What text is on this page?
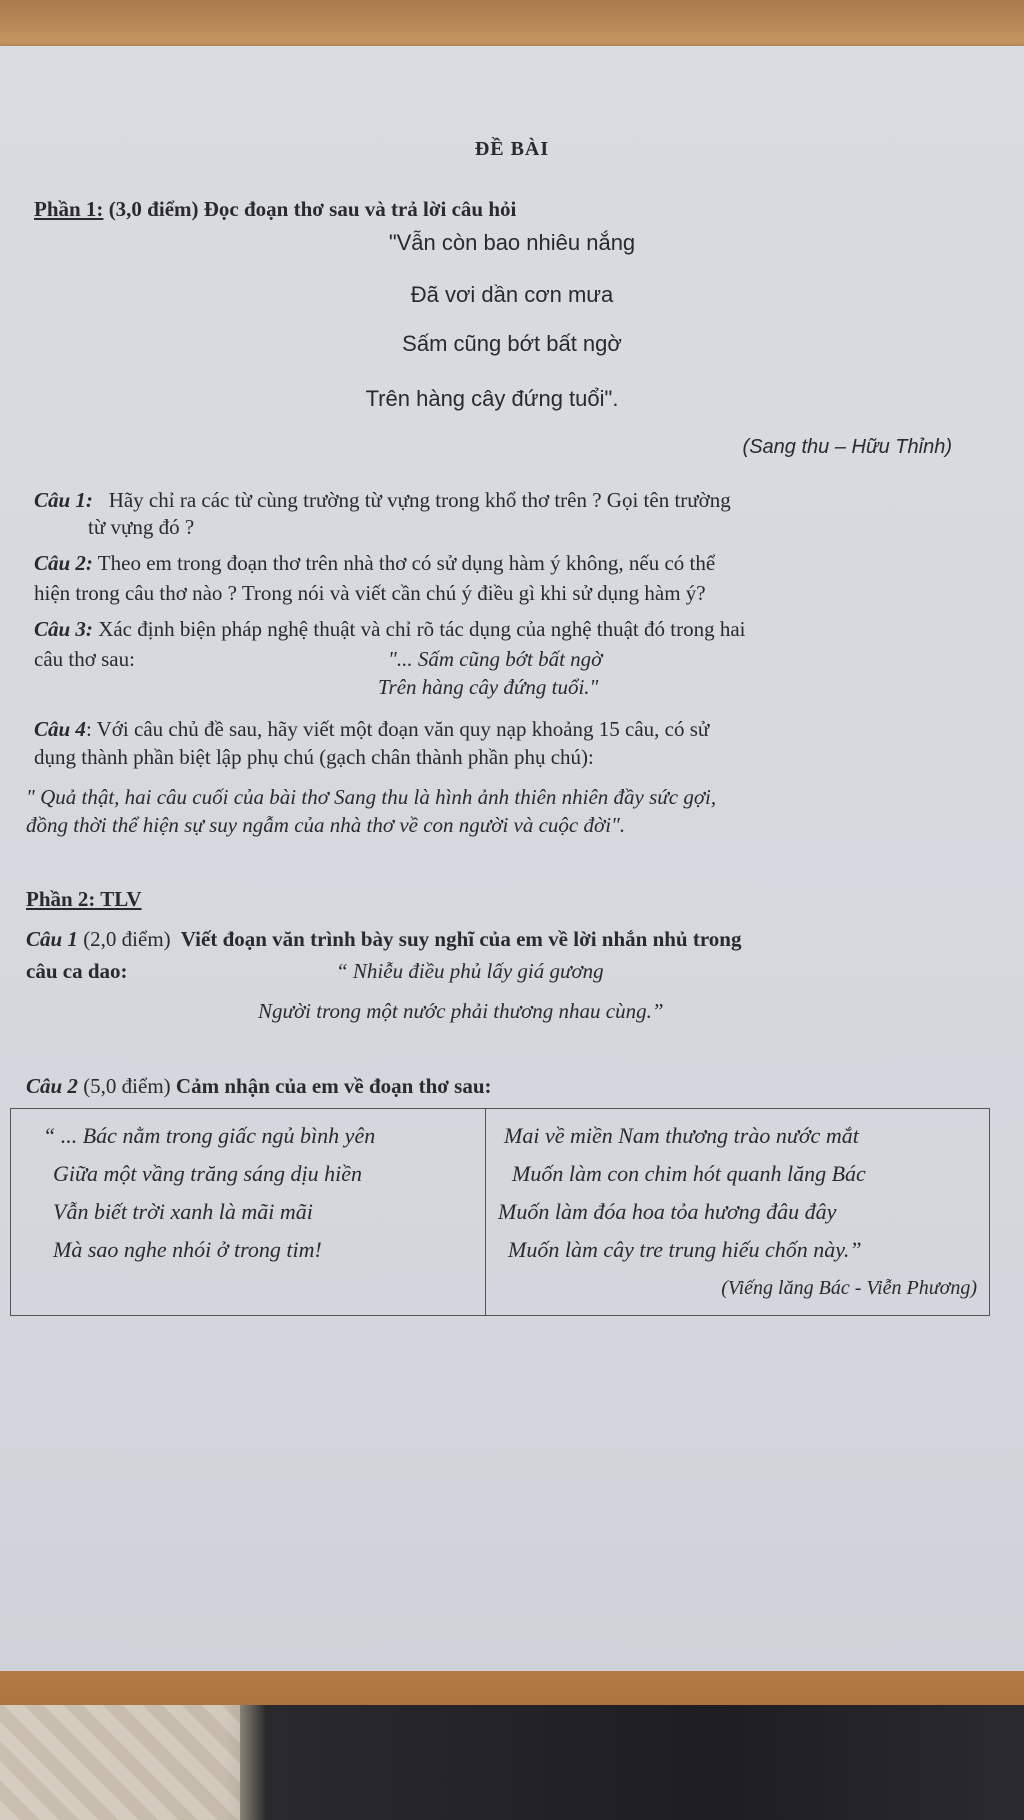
ĐỀ BÀI
Phần 1: (3,0 điểm) Đọc đoạn thơ sau và trả lời câu hỏi
"Vẫn còn bao nhiêu nắng
Đã vơi dần cơn mưa
Sấm cũng bớt bất ngờ
Trên hàng cây đứng tuổi".
(Sang thu – Hữu Thỉnh)
Câu 1:   Hãy chỉ ra các từ cùng trường từ vựng trong khổ thơ trên ? Gọi tên trường
từ vựng đó ?
Câu 2: Theo em trong đoạn thơ trên nhà thơ có sử dụng hàm ý không, nếu có thể
hiện trong câu thơ nào ? Trong nói và viết cần chú ý điều gì khi sử dụng hàm ý?
Câu 3: Xác định biện pháp nghệ thuật và chỉ rõ tác dụng của nghệ thuật đó trong hai
câu thơ sau:	"... Sấm cũng bớt bất ngờ
Trên hàng cây đứng tuổi."
Câu 4: Với câu chủ đề sau, hãy viết một đoạn văn quy nạp khoảng 15 câu, có sử
dụng thành phần biệt lập phụ chú (gạch chân thành phần phụ chú):
" Quả thật, hai câu cuối của bài thơ Sang thu là hình ảnh thiên nhiên đầy sức gợi,
đồng thời thể hiện sự suy ngẫm của nhà thơ về con người và cuộc đời".
Phần 2: TLV
Câu 1 (2,0 điểm)  Viết đoạn văn trình bày suy nghĩ của em về lời nhắn nhủ trong
câu ca dao:	“ Nhiễu điều phủ lấy giá gương
Người trong một nước phải thương nhau cùng.”
Câu 2 (5,0 điểm) Cảm nhận của em về đoạn thơ sau:
“ ... Bác nằm trong giấc ngủ bình yên
Giữa một vầng trăng sáng dịu hiền
Vẫn biết trời xanh là mãi mãi
Mà sao nghe nhói ở trong tim!

Mai về miền Nam thương trào nước mắt
Muốn làm con chim hót quanh lăng Bác
Muốn làm đóa hoa tỏa hương đâu đây
Muốn làm cây tre trung hiếu chốn này.”
(Viếng lăng Bác - Viễn Phương)
